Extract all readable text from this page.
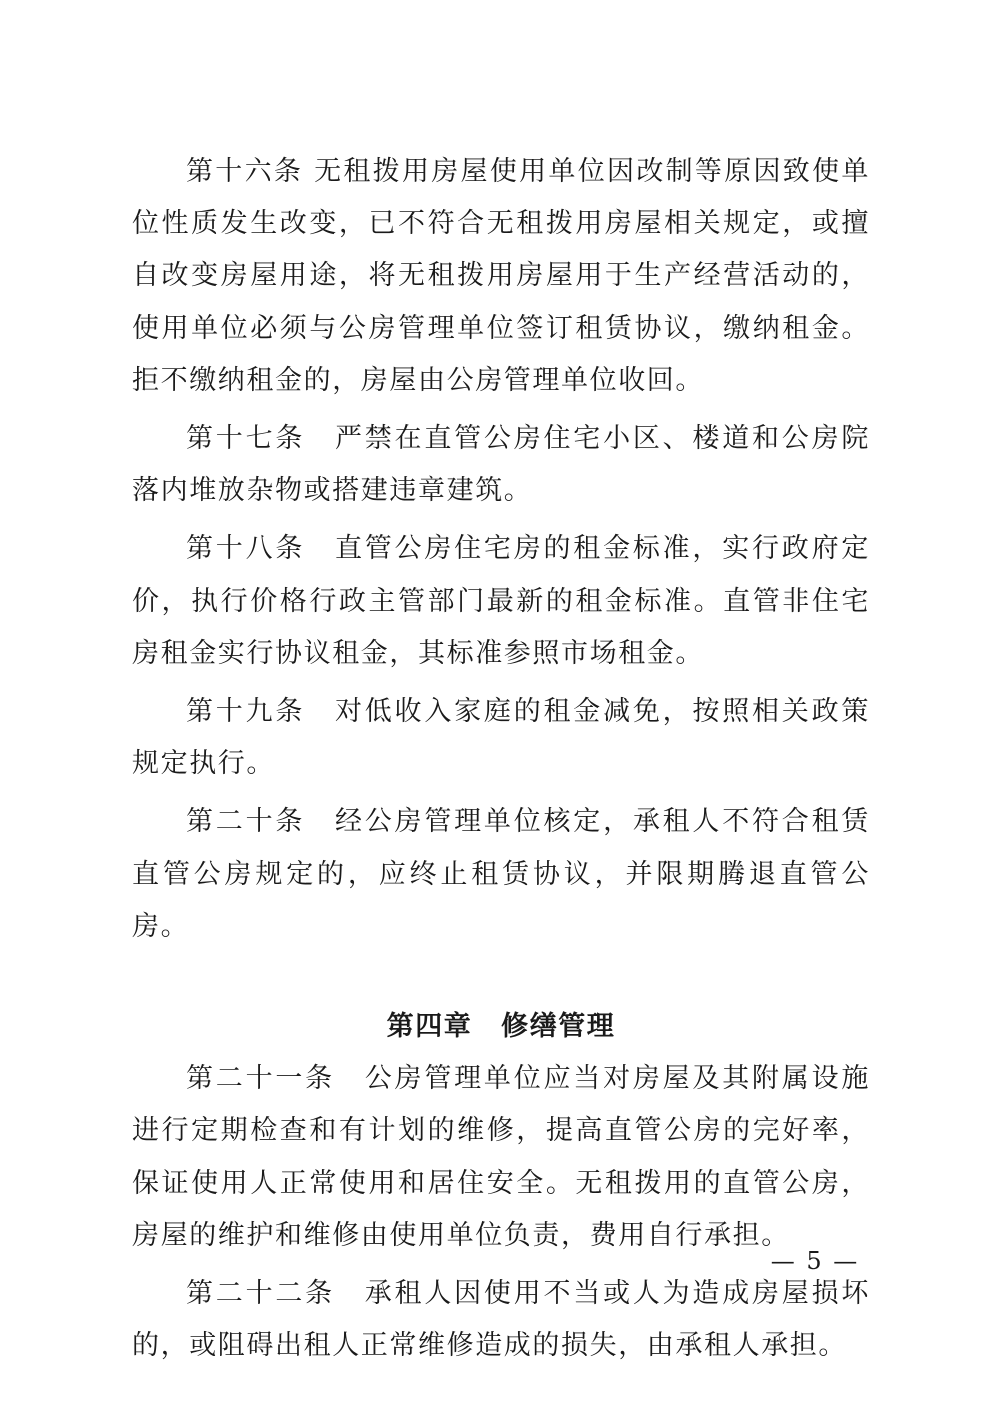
第十六条 无租拨用房屋使用单位因改制等原因致使单位性质发生改变，已不符合无租拨用房屋相关规定，或擅自改变房屋用途，将无租拨用房屋用于生产经营活动的，使用单位必须与公房管理单位签订租赁协议，缴纳租金。拒不缴纳租金的，房屋由公房管理单位收回。

第十七条　严禁在直管公房住宅小区、楼道和公房院落内堆放杂物或搭建违章建筑。

第十八条　直管公房住宅房的租金标准，实行政府定价，执行价格行政主管部门最新的租金标准。直管非住宅房租金实行协议租金，其标准参照市场租金。

第十九条　对低收入家庭的租金减免，按照相关政策规定执行。

第二十条　经公房管理单位核定，承租人不符合租赁直管公房规定的，应终止租赁协议，并限期腾退直管公房。

第四章　修缮管理

第二十一条　公房管理单位应当对房屋及其附属设施进行定期检查和有计划的维修，提高直管公房的完好率，保证使用人正常使用和居住安全。无租拨用的直管公房，房屋的维护和维修由使用单位负责，费用自行承担。

第二十二条　承租人因使用不当或人为造成房屋损坏的，或阻碍出租人正常维修造成的损失，由承租人承担。

— 5 —
